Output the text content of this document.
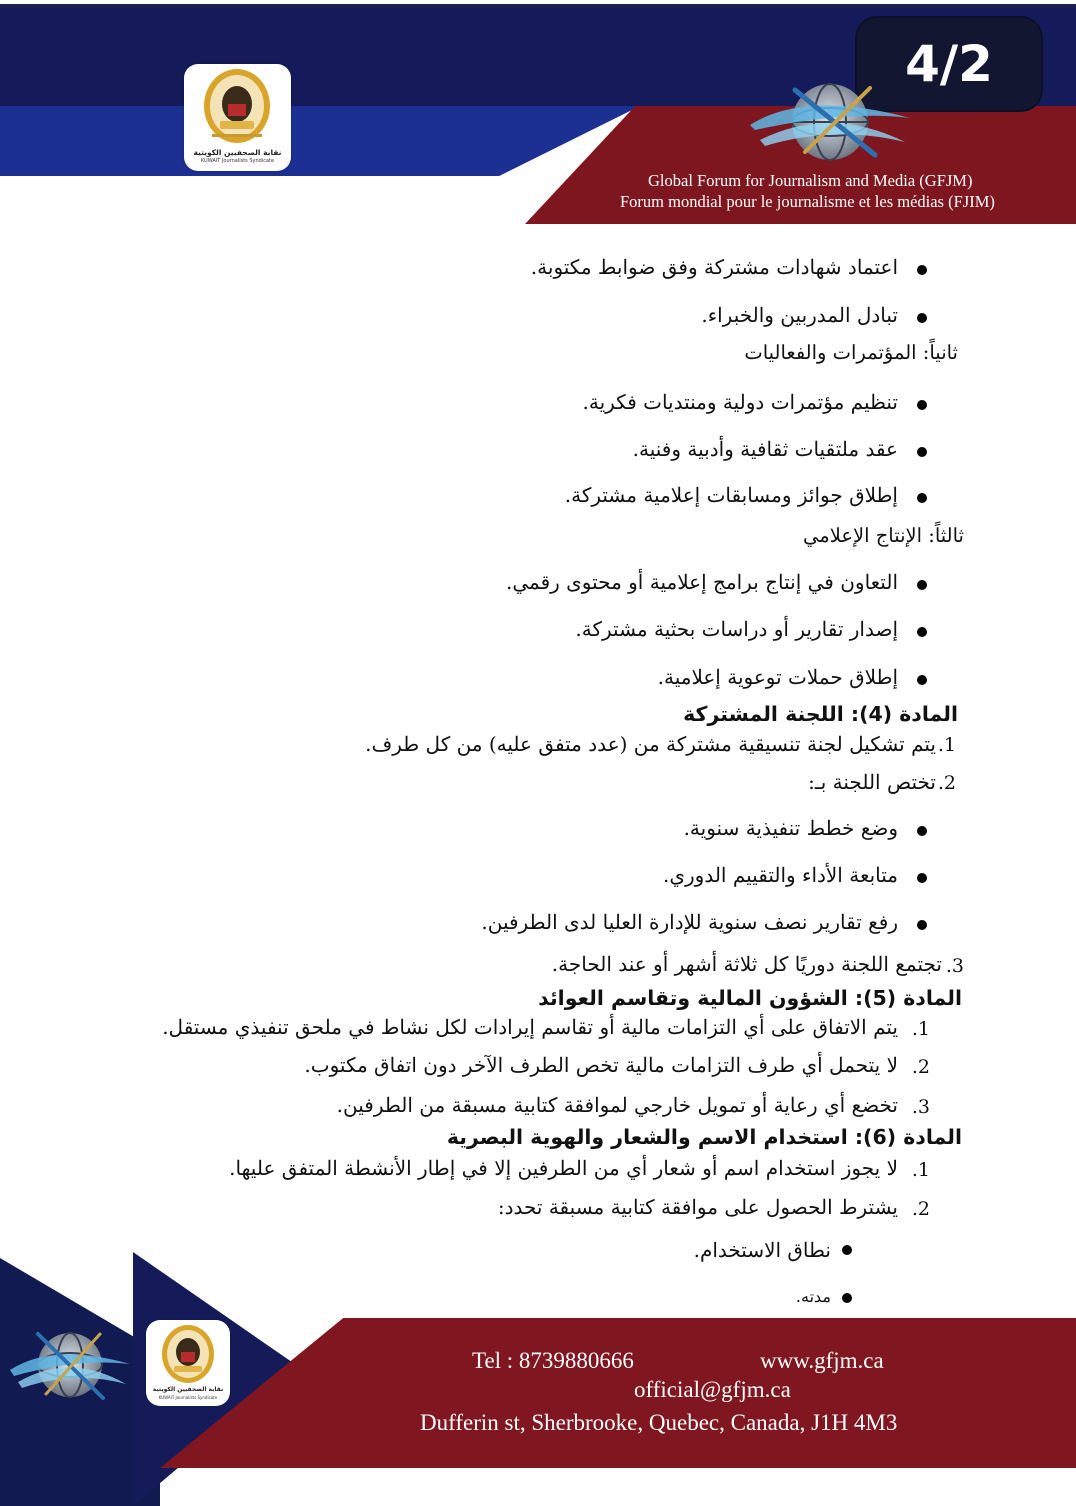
4/2
نقابة الصحفيين الكويتية
KUWAIT Journalists Syndicate
Global Forum for Journalism and Media (GFJM)
Forum mondial pour le journalisme et les médias (FJIM)
اعتماد شهادات مشتركة وفق ضوابط مكتوبة.
تبادل المدربين والخبراء.
ثانياً: المؤتمرات والفعاليات
تنظيم مؤتمرات دولية ومنتديات فكرية.
عقد ملتقيات ثقافية وأدبية وفنية.
إطلاق جوائز ومسابقات إعلامية مشتركة.
ثالثاً: الإنتاج الإعلامي
التعاون في إنتاج برامج إعلامية أو محتوى رقمي.
إصدار تقارير أو دراسات بحثية مشتركة.
إطلاق حملات توعوية إعلامية.
المادة (4): اللجنة المشتركة
1.
يتم تشكيل لجنة تنسيقية مشتركة من (عدد متفق عليه) من كل طرف.
2.
تختص اللجنة بـ:
وضع خطط تنفيذية سنوية.
متابعة الأداء والتقييم الدوري.
رفع تقارير نصف سنوية للإدارة العليا لدى الطرفين.
3.
تجتمع اللجنة دوريًا كل ثلاثة أشهر أو عند الحاجة.
المادة (5): الشؤون المالية وتقاسم العوائد
1.
يتم الاتفاق على أي التزامات مالية أو تقاسم إيرادات لكل نشاط في ملحق تنفيذي مستقل.
2.
لا يتحمل أي طرف التزامات مالية تخص الطرف الآخر دون اتفاق مكتوب.
3.
تخضع أي رعاية أو تمويل خارجي لموافقة كتابية مسبقة من الطرفين.
المادة (6): استخدام الاسم والشعار والهوية البصرية
1.
لا يجوز استخدام اسم أو شعار أي من الطرفين إلا في إطار الأنشطة المتفق عليها.
2.
يشترط الحصول على موافقة كتابية مسبقة تحدد:
نطاق الاستخدام.
مدته.
نقابة الصحفيين الكويتية
KUWAIT Journalists Syndicate
Tel : 8739880666	www.gfjm.ca
official@gfjm.ca
Dufferin st, Sherbrooke, Quebec, Canada, J1H 4M3
